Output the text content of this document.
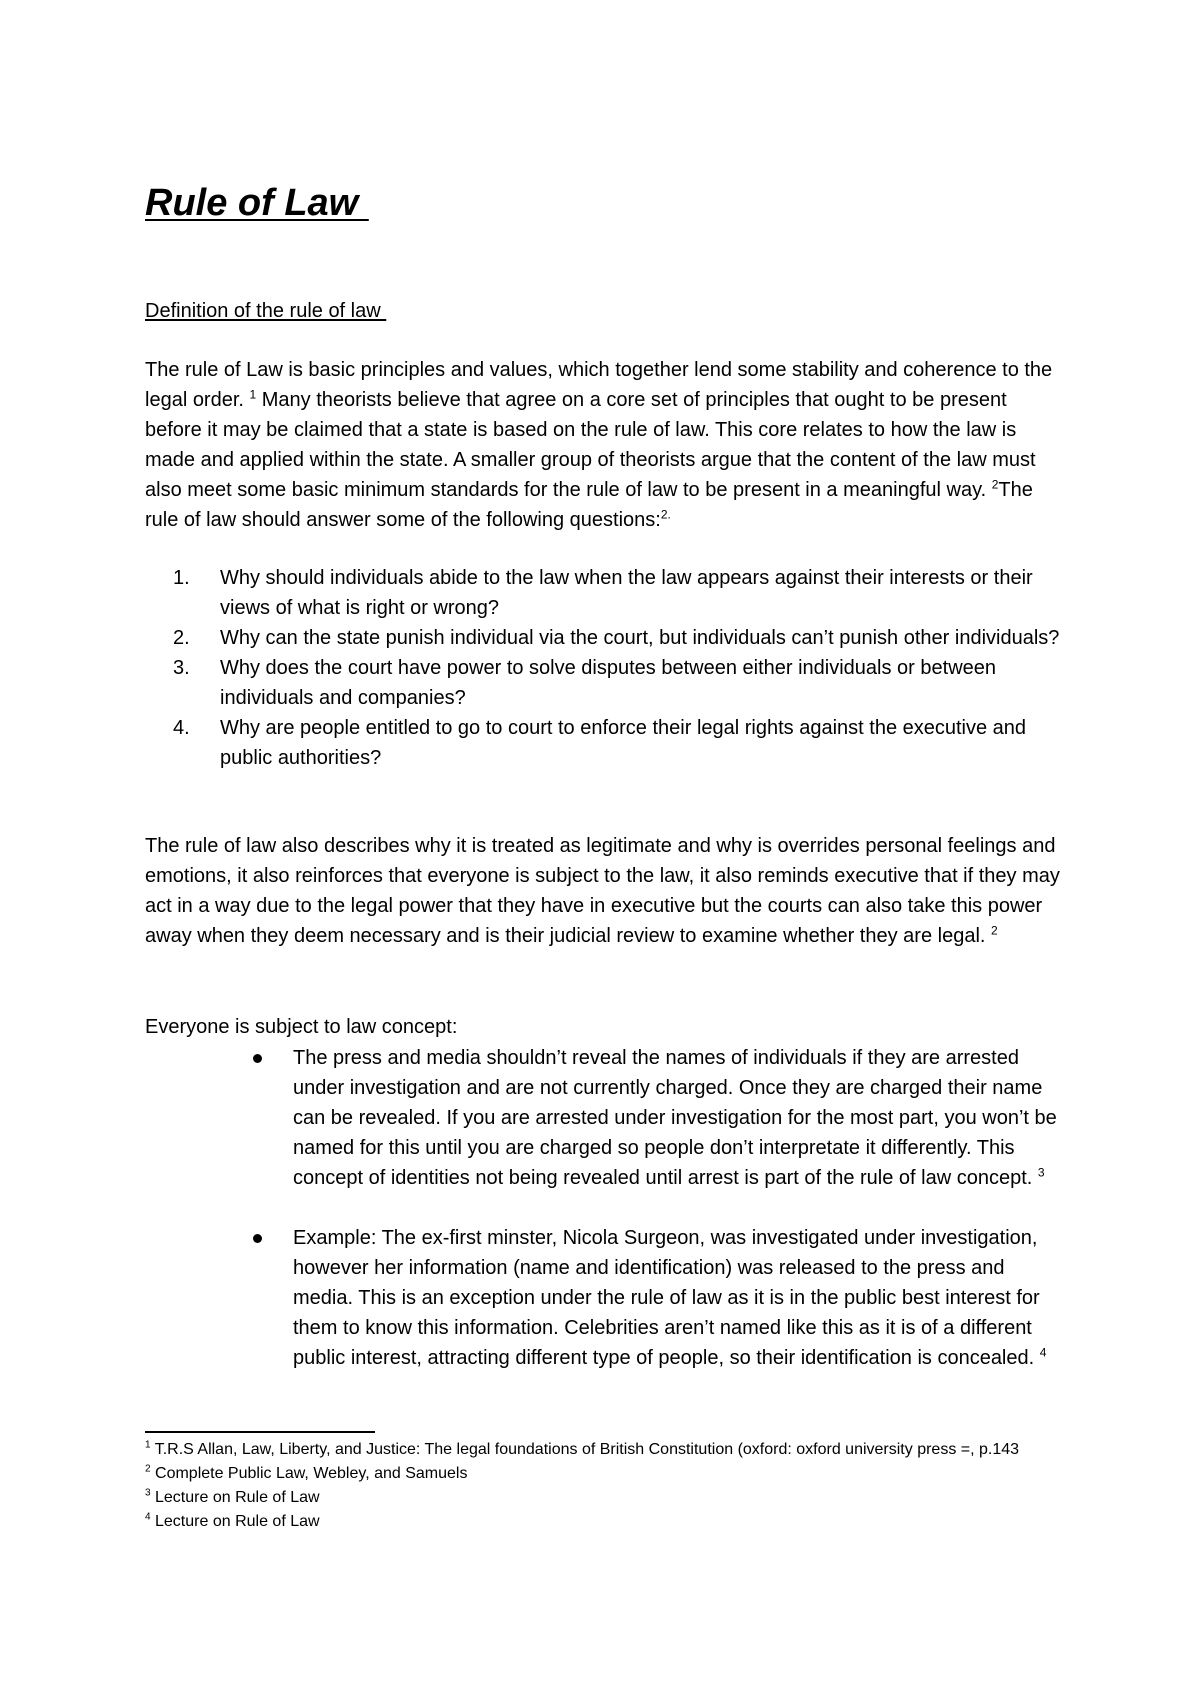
Rule of Law
Definition of the rule of law

The rule of Law is basic principles and values, which together lend some stability and coherence to the legal order. $^1$ Many theorists believe that agree on a core set of principles that ought to be present before it may be claimed that a state is based on the rule of law. This core relates to how the law is made and applied within the state. A smaller group of theorists argue that the content of the law must also meet some basic minimum standards for the rule of law to be present in a meaningful way. $^2$The rule of law should answer some of the following questions:$^{2.}$

1. Why should individuals abide to the law when the law appears against their interests or their views of what is right or wrong?
2. Why can the state punish individual via the court, but individuals can’t punish other individuals?
3. Why does the court have power to solve disputes between either individuals or between individuals and companies?
4. Why are people entitled to go to court to enforce their legal rights against the executive and public authorities?

The rule of law also describes why it is treated as legitimate and why is overrides personal feelings and emotions, it also reinforces that everyone is subject to the law, it also reminds executive that if they may act in a way due to the legal power that they have in executive but the courts can also take this power away when they deem necessary and is their judicial review to examine whether they are legal. $^2$

Everyone is subject to law concept:

The press and media shouldn’t reveal the names of individuals if they are arrested under investigation and are not currently charged. Once they are charged their name can be revealed. If you are arrested under investigation for the most part, you won’t be named for this until you are charged so people don’t interpretate it differently. This concept of identities not being revealed until arrest is part of the rule of law concept. $^3$
Example: The ex-first minster, Nicola Surgeon, was investigated under investigation, however her information (name and identification) was released to the press and media. This is an exception under the rule of law as it is in the public best interest for them to know this information. Celebrities aren’t named like this as it is of a different public interest, attracting different type of people, so their identification is concealed. $^4$
$^1$ T.R.S Allan, Law, Liberty, and Justice: The legal foundations of British Constitution (oxford: oxford university press =, p.143
$^2$ Complete Public Law, Webley, and Samuels
$^3$ Lecture on Rule of Law
$^4$ Lecture on Rule of Law
